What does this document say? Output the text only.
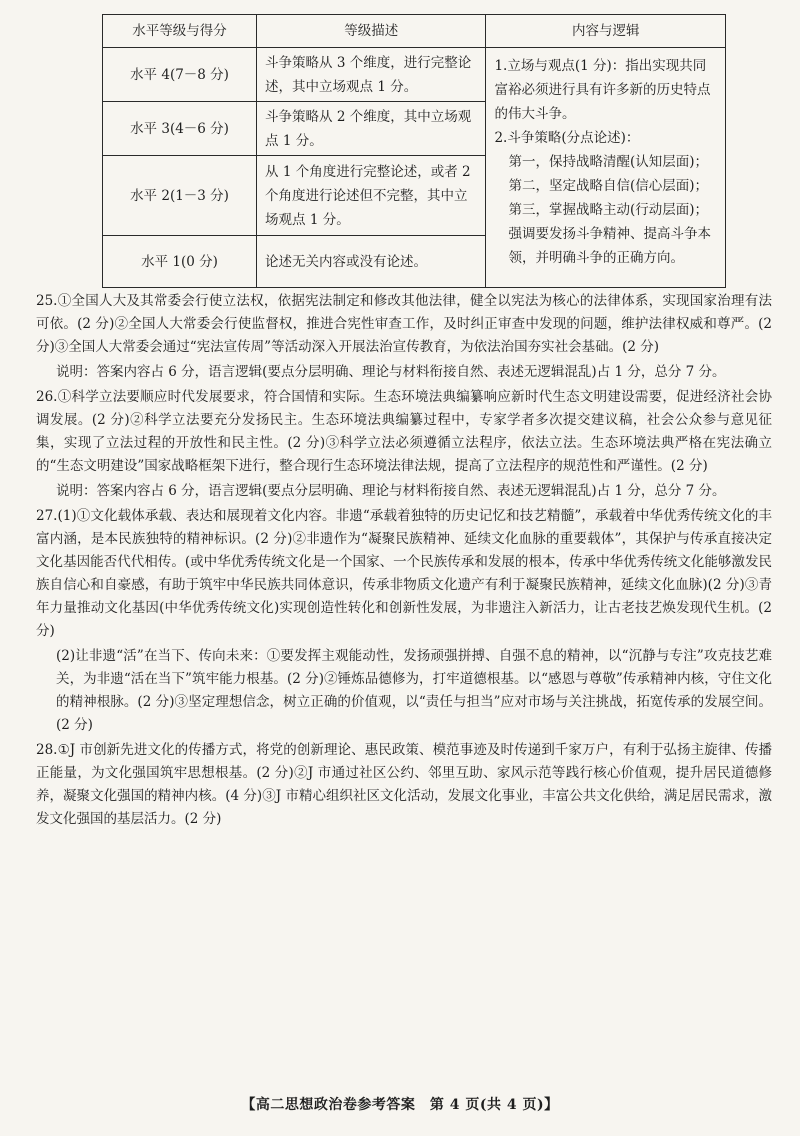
水平等级与得分	等级描述	内容与逻辑
水平 4(7－8 分)	斗争策略从 3 个维度，进行完整论述，其中立场观点 1 分。	1.立场与观点(1 分)：指出实现共同富裕必须进行具有许多新的历史特点的伟大斗争。
2.斗争策略(分点论述)：
第一，保持战略清醒(认知层面)；第二，坚定战略自信(信心层面)；第三，掌握战略主动(行动层面)；强调要发扬斗争精神、提高斗争本领，并明确斗争的正确方向。

水平 3(4－6 分)	斗争策略从 2 个维度，其中立场观点 1 分。	
水平 2(1－3 分)	从 1 个角度进行完整论述，或者 2 个角度进行论述但不完整，其中立场观点 1 分。	
水平 1(0 分)	论述无关内容或没有论述。	
25.①全国人大及其常委会行使立法权，依据宪法制定和修改其他法律，健全以宪法为核心的法律体系，实现国家治理有法可依。(2 分)②全国人大常委会行使监督权，推进合宪性审查工作，及时纠正审查中发现的问题，维护法律权威和尊严。(2 分)③全国人大常委会通过“宪法宣传周”等活动深入开展法治宣传教育，为依法治国夯实社会基础。(2 分)
说明：答案内容占 6 分，语言逻辑(要点分层明确、理论与材料衔接自然、表述无逻辑混乱)占 1 分，总分 7 分。
26.①科学立法要顺应时代发展要求，符合国情和实际。生态环境法典编纂响应新时代生态文明建设需要，促进经济社会协调发展。(2 分)②科学立法要充分发扬民主。生态环境法典编纂过程中，专家学者多次提交建议稿，社会公众参与意见征集，实现了立法过程的开放性和民主性。(2 分)③科学立法必须遵循立法程序，依法立法。生态环境法典严格在宪法确立的“生态文明建设”国家战略框架下进行，整合现行生态环境法律法规，提高了立法程序的规范性和严谨性。(2 分)
说明：答案内容占 6 分，语言逻辑(要点分层明确、理论与材料衔接自然、表述无逻辑混乱)占 1 分，总分 7 分。
27.(1)①文化载体承载、表达和展现着文化内容。非遗“承载着独特的历史记忆和技艺精髓”，承载着中华优秀传统文化的丰富内涵，是本民族独特的精神标识。(2 分)②非遗作为“凝聚民族精神、延续文化血脉的重要载体”，其保护与传承直接决定文化基因能否代代相传。(或中华优秀传统文化是一个国家、一个民族传承和发展的根本，传承中华优秀传统文化能够激发民族自信心和自豪感，有助于筑牢中华民族共同体意识，传承非物质文化遗产有利于凝聚民族精神，延续文化血脉)(2 分)③青年力量推动文化基因(中华优秀传统文化)实现创造性转化和创新性发展，为非遗注入新活力，让古老技艺焕发现代生机。(2 分)
(2)让非遗“活”在当下、传向未来：①要发挥主观能动性，发扬顽强拼搏、自强不息的精神，以“沉静与专注”攻克技艺难关，为非遗“活在当下”筑牢能力根基。(2 分)②锤炼品德修为，打牢道德根基。以“感恩与尊敬”传承精神内核，守住文化的精神根脉。(2 分)③坚定理想信念，树立正确的价值观，以“责任与担当”应对市场与关注挑战，拓宽传承的发展空间。(2 分)
28.①J 市创新先进文化的传播方式，将党的创新理论、惠民政策、模范事迹及时传递到千家万户，有利于弘扬主旋律、传播正能量，为文化强国筑牢思想根基。(2 分)②J 市通过社区公约、邻里互助、家风示范等践行核心价值观，提升居民道德修养，凝聚文化强国的精神内核。(4 分)③J 市精心组织社区文化活动，发展文化事业，丰富公共文化供给，满足居民需求，激发文化强国的基层活力。(2 分)
【高二思想政治卷参考答案　第 4 页(共 4 页)】
